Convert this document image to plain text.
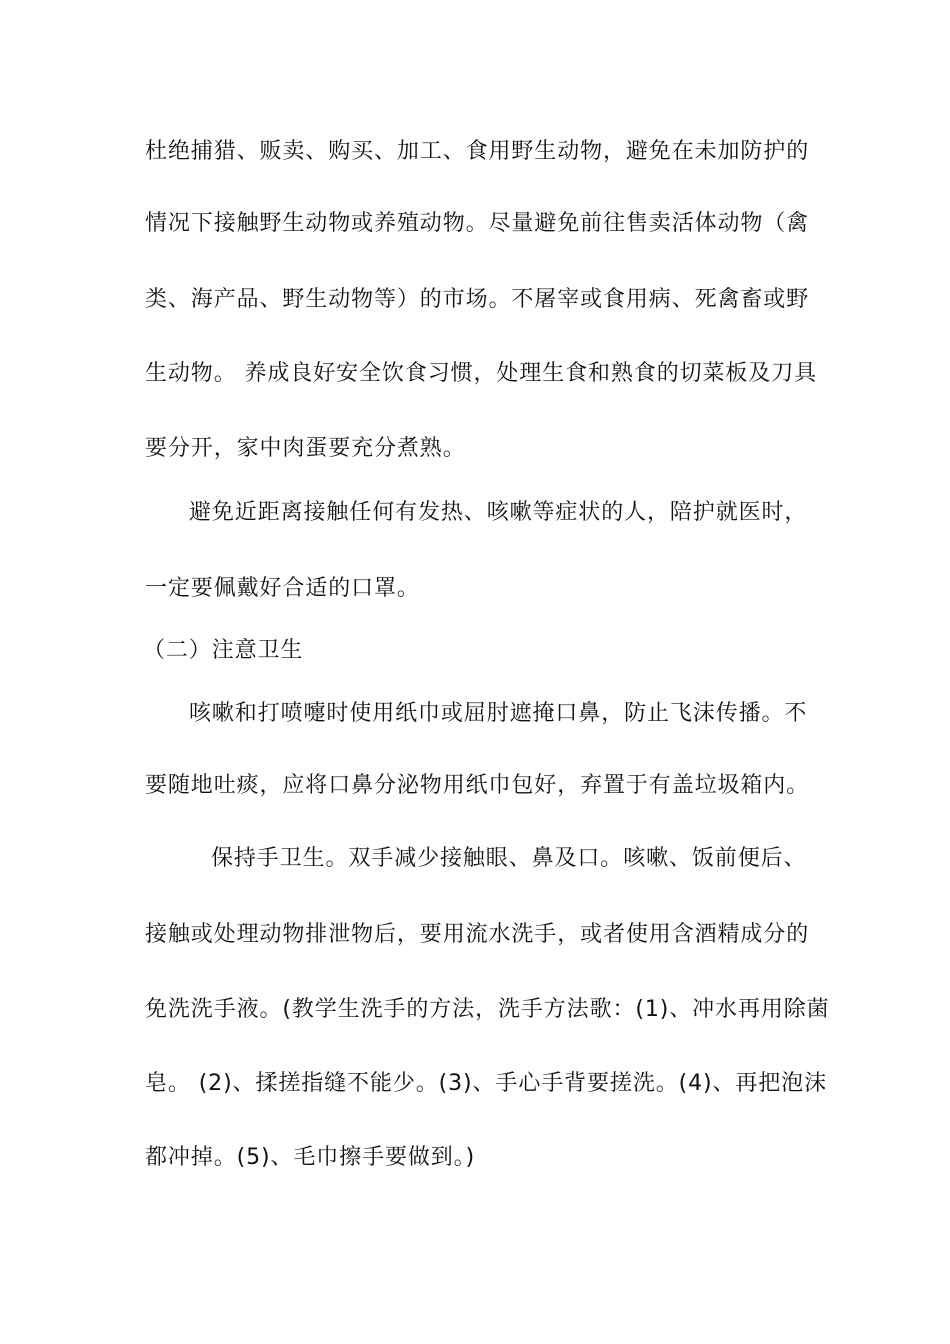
杜绝捕猎、贩卖、购买、加工、食用野生动物，避免在未加防护的
情况下接触野生动物或养殖动物。尽量避免前往售卖活体动物（禽
类、海产品、野生动物等）的市场。不屠宰或食用病、死禽畜或野
生动物。 养成良好安全饮食习惯，处理生食和熟食的切菜板及刀具
要分开，家中肉蛋要充分煮熟。
避免近距离接触任何有发热、咳嗽等症状的人，陪护就医时，
一定要佩戴好合适的口罩。
（二）注意卫生
咳嗽和打喷嚏时使用纸巾或屈肘遮掩口鼻，防止飞沫传播。不
要随地吐痰，应将口鼻分泌物用纸巾包好，弃置于有盖垃圾箱内。
保持手卫生。双手减少接触眼、鼻及口。咳嗽、饭前便后、
接触或处理动物排泄物后，要用流水洗手，或者使用含酒精成分的
免洗洗手液。(教学生洗手的方法，洗手方法歌：(1)、冲水再用除菌
皂。 (2)、揉搓指缝不能少。(3)、手心手背要搓洗。(4)、再把泡沫
都冲掉。(5)、毛巾擦手要做到。)
